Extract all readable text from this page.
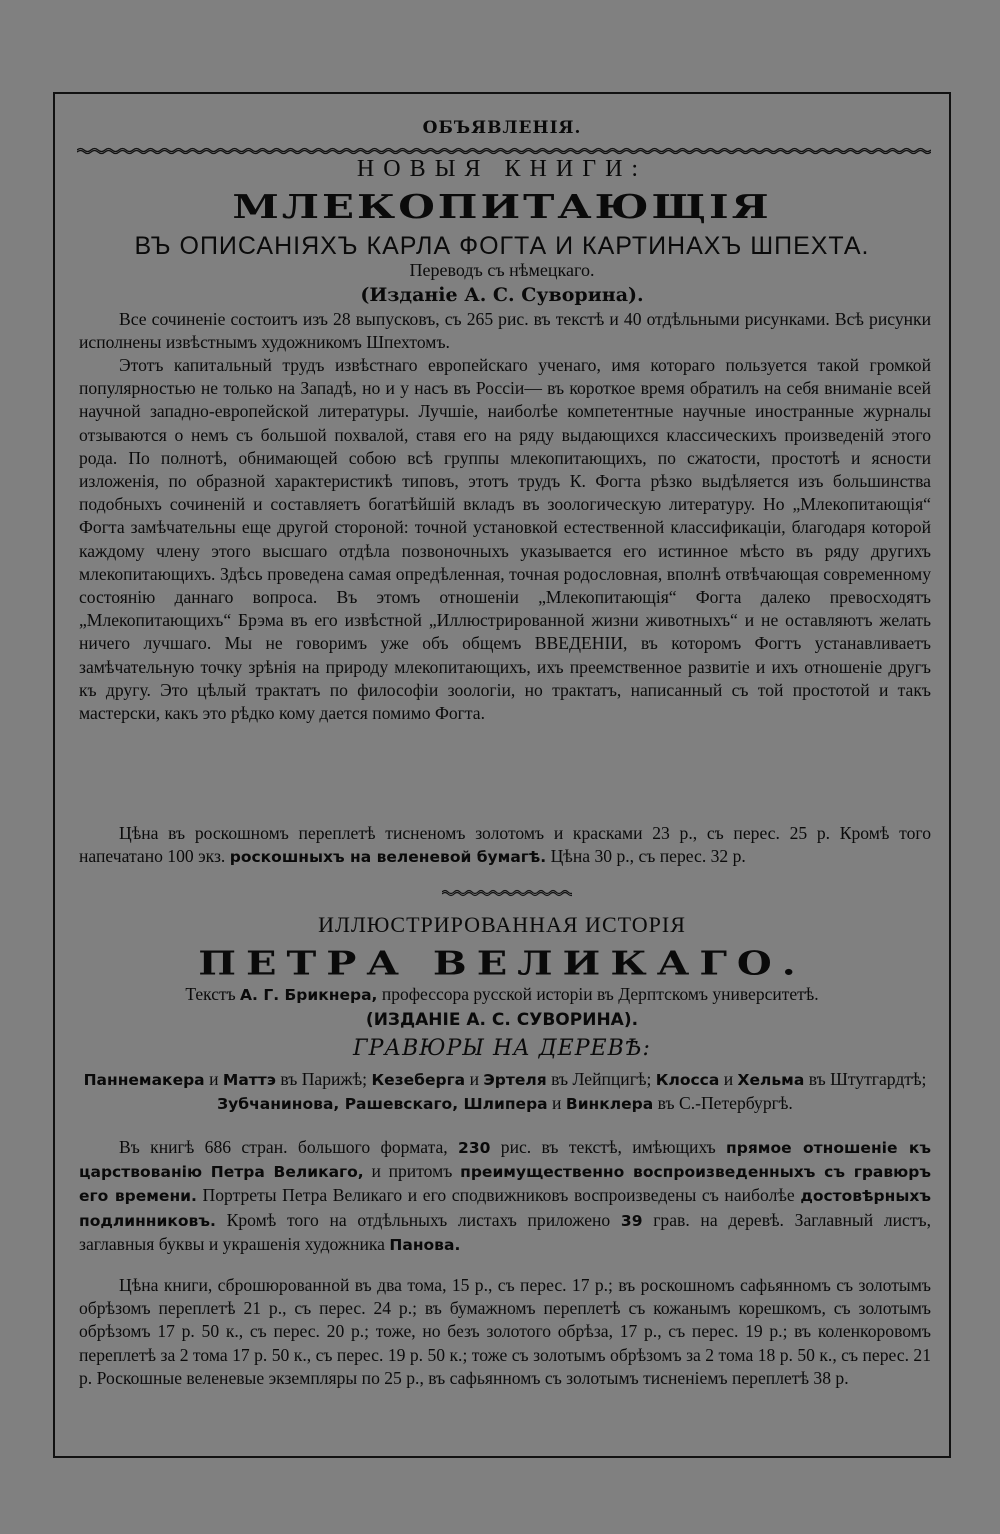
ОБЪЯВЛЕНІЯ.
НОВЫЯ КНИГИ:
МЛЕКОПИТАЮЩІЯ
ВЪ ОПИСАНІЯХЪ КАРЛА ФОГТА И КАРТИНАХЪ ШПЕХТА.
Переводъ съ нѣмецкаго.
(Изданіе А. С. Суворина).
Все сочиненіе состоитъ изъ 28 выпусковъ, съ 265 рис. въ текстѣ и 40 отдѣльными рисунками. Всѣ рисунки исполнены извѣстнымъ художникомъ Шпехтомъ.
Этотъ капитальный трудъ извѣстнаго европейскаго ученаго, имя котораго пользуется такой громкой популярностью не только на Западѣ, но и у насъ въ Россіи— въ короткое время обратилъ на себя вниманіе всей научной западно-европейской литературы. Лучшіе, наиболѣе компетентные научные иностранные журналы отзываются о немъ съ большой похвалой, ставя его на ряду выдающихся классическихъ произведеній этого рода. По полнотѣ, обнимающей собою всѣ группы млекопитающихъ, по сжатости, простотѣ и ясности изложенія, по образной характеристикѣ типовъ, этотъ трудъ К. Фогта рѣзко выдѣляется изъ большинства подобныхъ сочиненій и составляетъ богатѣйшій вкладъ въ зоологическую литературу. Но „Млекопитающія“ Фогта замѣчательны еще другой стороной: точной установкой естественной классификаціи, благодаря которой каждому члену этого высшаго отдѣла позвоночныхъ указывается его истинное мѣсто въ ряду другихъ млекопитающихъ. Здѣсь проведена самая опредѣленная, точная родословная, вполнѣ отвѣчающая современному состоянію даннаго вопроса. Въ этомъ отношеніи „Млекопитающія“ Фогта далеко превосходятъ „Млекопитающихъ“ Брэма въ его извѣстной „Иллюстрированной жизни животныхъ“ и не оставляютъ желать ничего лучшаго. Мы не говоримъ уже объ общемъ ВВЕДЕНІИ, въ которомъ Фогтъ устанавливаетъ замѣчательную точку зрѣнія на природу млекопитающихъ, ихъ преемственное развитіе и ихъ отношеніе другъ къ другу. Это цѣлый трактатъ по философіи зоологіи, но трактатъ, написанный съ той простотой и такъ мастерски, какъ это рѣдко кому дается помимо Фогта.
Цѣна въ роскошномъ переплетѣ тисненомъ золотомъ и красками 23 р., съ перес. 25 р. Кромѣ того напечатано 100 экз. роскошныхъ на веленевой бумагѣ. Цѣна 30 р., съ перес. 32 р.
ИЛЛЮСТРИРОВАННАЯ ИСТОРІЯ
ПЕТРА ВЕЛИКАГО.
Текстъ А. Г. Брикнера, профессора русской исторіи въ Дерптскомъ университетѣ.
(ИЗДАНІЕ А. С. СУВОРИНА).
ГРАВЮРЫ НА ДЕРЕВѢ:
Паннемакера и Маттэ въ Парижѣ; Кезеберга и Эртеля въ Лейпцигѣ; Клосса и Хельма въ Штутгардтѣ; Зубчанинова, Рашевскаго, Шлипера и Винклера въ С.-Петербургѣ.
Въ книгѣ 686 стран. большого формата, 230 рис. въ текстѣ, имѣющихъ прямое отношеніе къ царствованію Петра Великаго, и притомъ преимущественно воспроизведенныхъ съ гравюръ его времени. Портреты Петра Великаго и его сподвижниковъ воспроизведены съ наиболѣе достовѣрныхъ подлинниковъ. Кромѣ того на отдѣльныхъ листахъ приложено 39 грав. на деревѣ. Заглавный листъ, заглавныя буквы и украшенія художника Панова.
Цѣна книги, сброшюрованной въ два тома, 15 р., съ перес. 17 р.; въ роскошномъ сафьянномъ съ золотымъ обрѣзомъ переплетѣ 21 р., съ перес. 24 р.; въ бумажномъ переплетѣ съ кожанымъ корешкомъ, съ золотымъ обрѣзомъ 17 р. 50 к., съ перес. 20 р.; тоже, но безъ золотого обрѣза, 17 р., съ перес. 19 р.; въ коленкоровомъ переплетѣ за 2 тома 17 р. 50 к., съ перес. 19 р. 50 к.; тоже съ золотымъ обрѣзомъ за 2 тома 18 р. 50 к., съ перес. 21 р. Роскошные веленевые экземпляры по 25 р., въ сафьянномъ съ золотымъ тисненіемъ переплетѣ 38 р.
